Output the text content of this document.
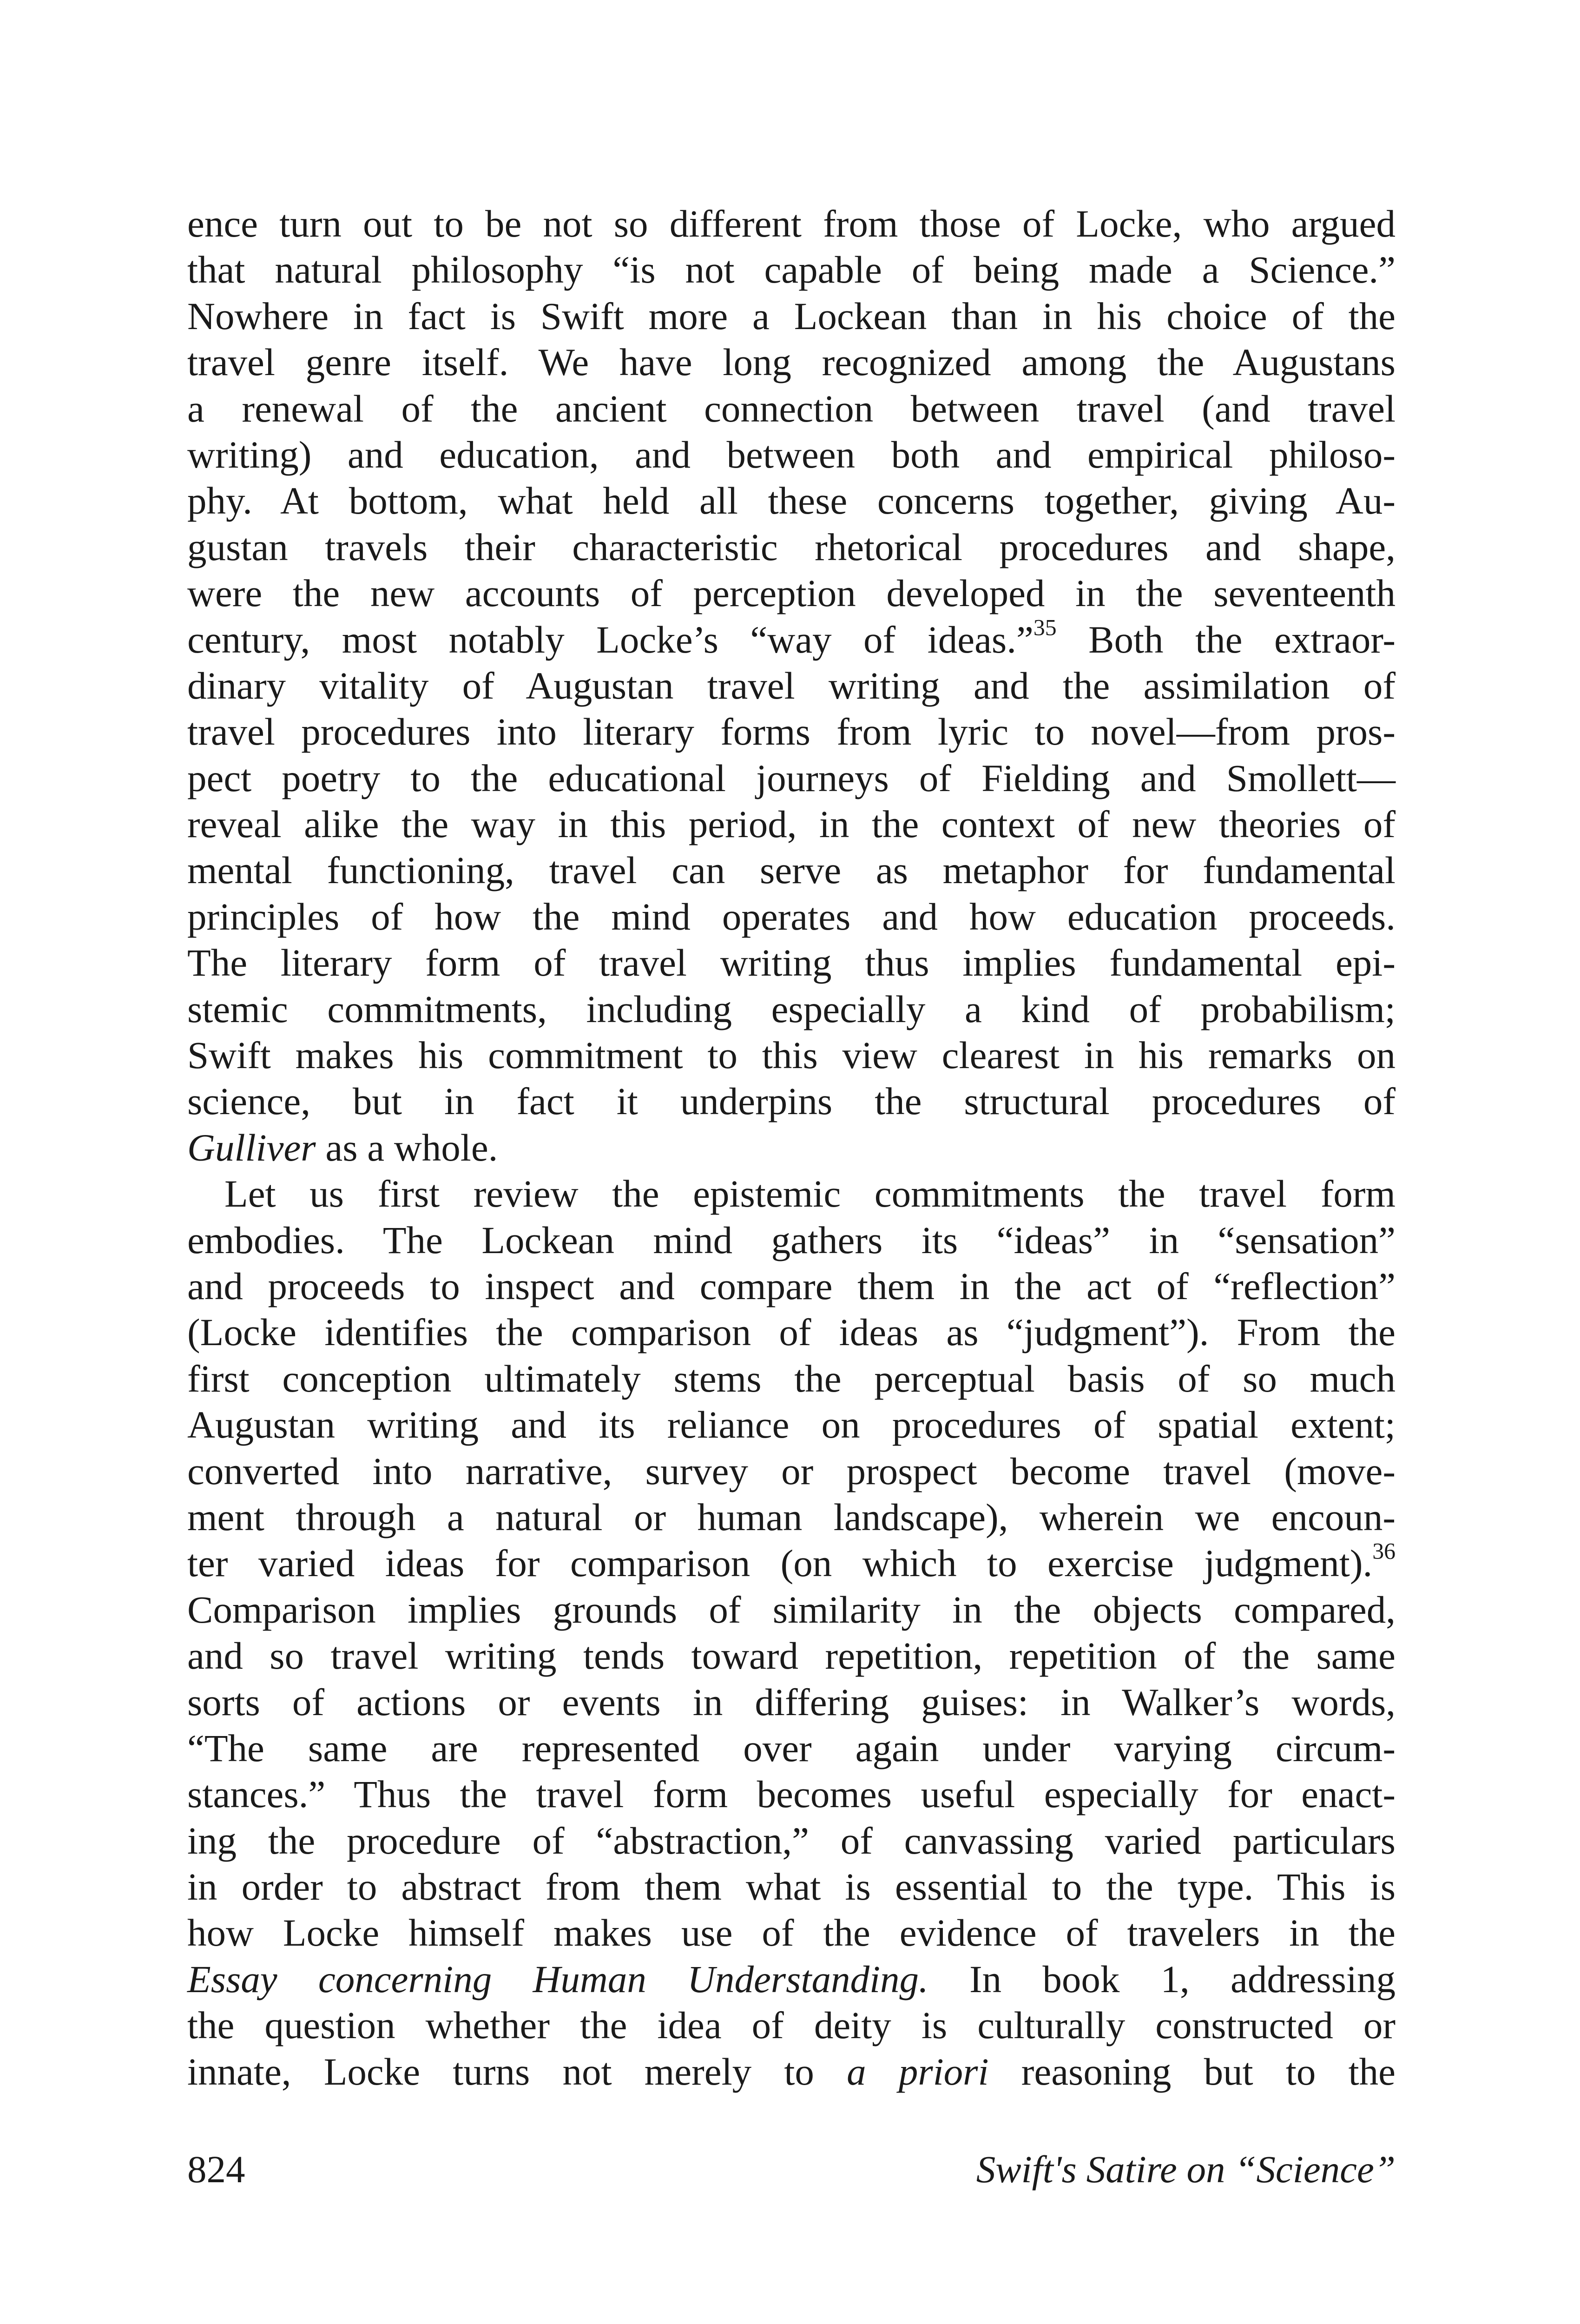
ence turn out to be not so different from those of Locke, who argued
that natural philosophy “is not capable of being made a Science.”
Nowhere in fact is Swift more a Lockean than in his choice of the
travel genre itself. We have long recognized among the Augustans
a renewal of the ancient connection between travel (and travel
writing) and education, and between both and empirical philoso-
phy. At bottom, what held all these concerns together, giving Au-
gustan travels their characteristic rhetorical procedures and shape,
were the new accounts of perception developed in the seventeenth
century, most notably Locke’s “way of ideas.”$^{35}$ Both the extraor-
dinary vitality of Augustan travel writing and the assimilation of
travel procedures into literary forms from lyric to novel—from pros-
pect poetry to the educational journeys of Fielding and Smollett—
reveal alike the way in this period, in the context of new theories of
mental functioning, travel can serve as metaphor for fundamental
principles of how the mind operates and how education proceeds.
The literary form of travel writing thus implies fundamental epi-
stemic commitments, including especially a kind of probabilism;
Swift makes his commitment to this view clearest in his remarks on
science, but in fact it underpins the structural procedures of
Gulliver as a whole.
Let us first review the epistemic commitments the travel form
embodies. The Lockean mind gathers its “ideas” in “sensation”
and proceeds to inspect and compare them in the act of “reflection”
(Locke identifies the comparison of ideas as “judgment”). From the
first conception ultimately stems the perceptual basis of so much
Augustan writing and its reliance on procedures of spatial extent;
converted into narrative, survey or prospect become travel (move-
ment through a natural or human landscape), wherein we encoun-
ter varied ideas for comparison (on which to exercise judgment).$^{36}$
Comparison implies grounds of similarity in the objects compared,
and so travel writing tends toward repetition, repetition of the same
sorts of actions or events in differing guises: in Walker’s words,
“The same are represented over again under varying circum-
stances.” Thus the travel form becomes useful especially for enact-
ing the procedure of “abstraction,” of canvassing varied particulars
in order to abstract from them what is essential to the type. This is
how Locke himself makes use of the evidence of travelers in the
Essay concerning Human Understanding. In book 1, addressing
the question whether the idea of deity is culturally constructed or
innate, Locke turns not merely to a priori reasoning but to the
824	Swift's Satire on “Science”
